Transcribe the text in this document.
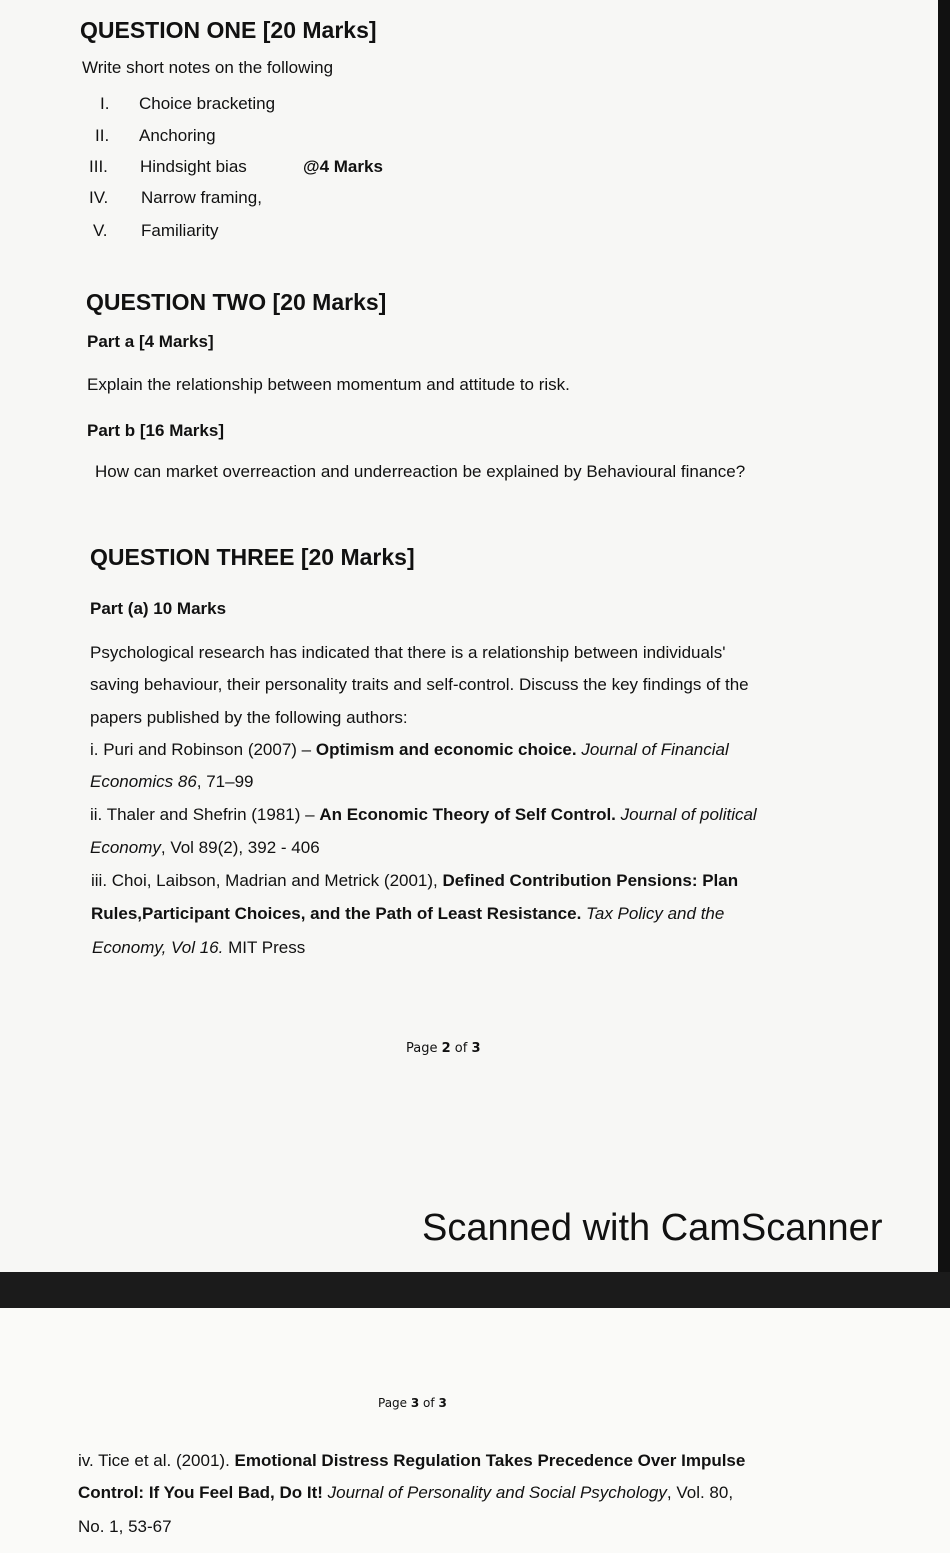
QUESTION ONE [20 Marks]
Write short notes on the following
I. Choice bracketing
II. Anchoring
III. Hindsight bias	@4 Marks
IV. Narrow framing,
V. Familiarity
QUESTION TWO [20 Marks]
Part a [4 Marks]
Explain the relationship between momentum and attitude to risk.
Part b [16 Marks]
How can market overreaction and underreaction be explained by Behavioural finance?
QUESTION THREE [20 Marks]
Part (a) 10 Marks
Psychological research has indicated that there is a relationship between individuals'
saving behaviour, their personality traits and self-control. Discuss the key findings of the
papers published by the following authors:
i. Puri and Robinson (2007) – Optimism and economic choice. Journal of Financial
Economics 86, 71–99
ii. Thaler and Shefrin (1981) – An Economic Theory of Self Control. Journal of political
Economy, Vol 89(2), 392 - 406
iii. Choi, Laibson, Madrian and Metrick (2001), Defined Contribution Pensions: Plan
Rules,Participant Choices, and the Path of Least Resistance. Tax Policy and the
Economy, Vol 16. MIT Press
Page 2 of 3
Scanned with CamScanner
Page 3 of 3
iv. Tice et al. (2001). Emotional Distress Regulation Takes Precedence Over Impulse
Control: If You Feel Bad, Do It! Journal of Personality and Social Psychology, Vol. 80,
No. 1, 53-67
